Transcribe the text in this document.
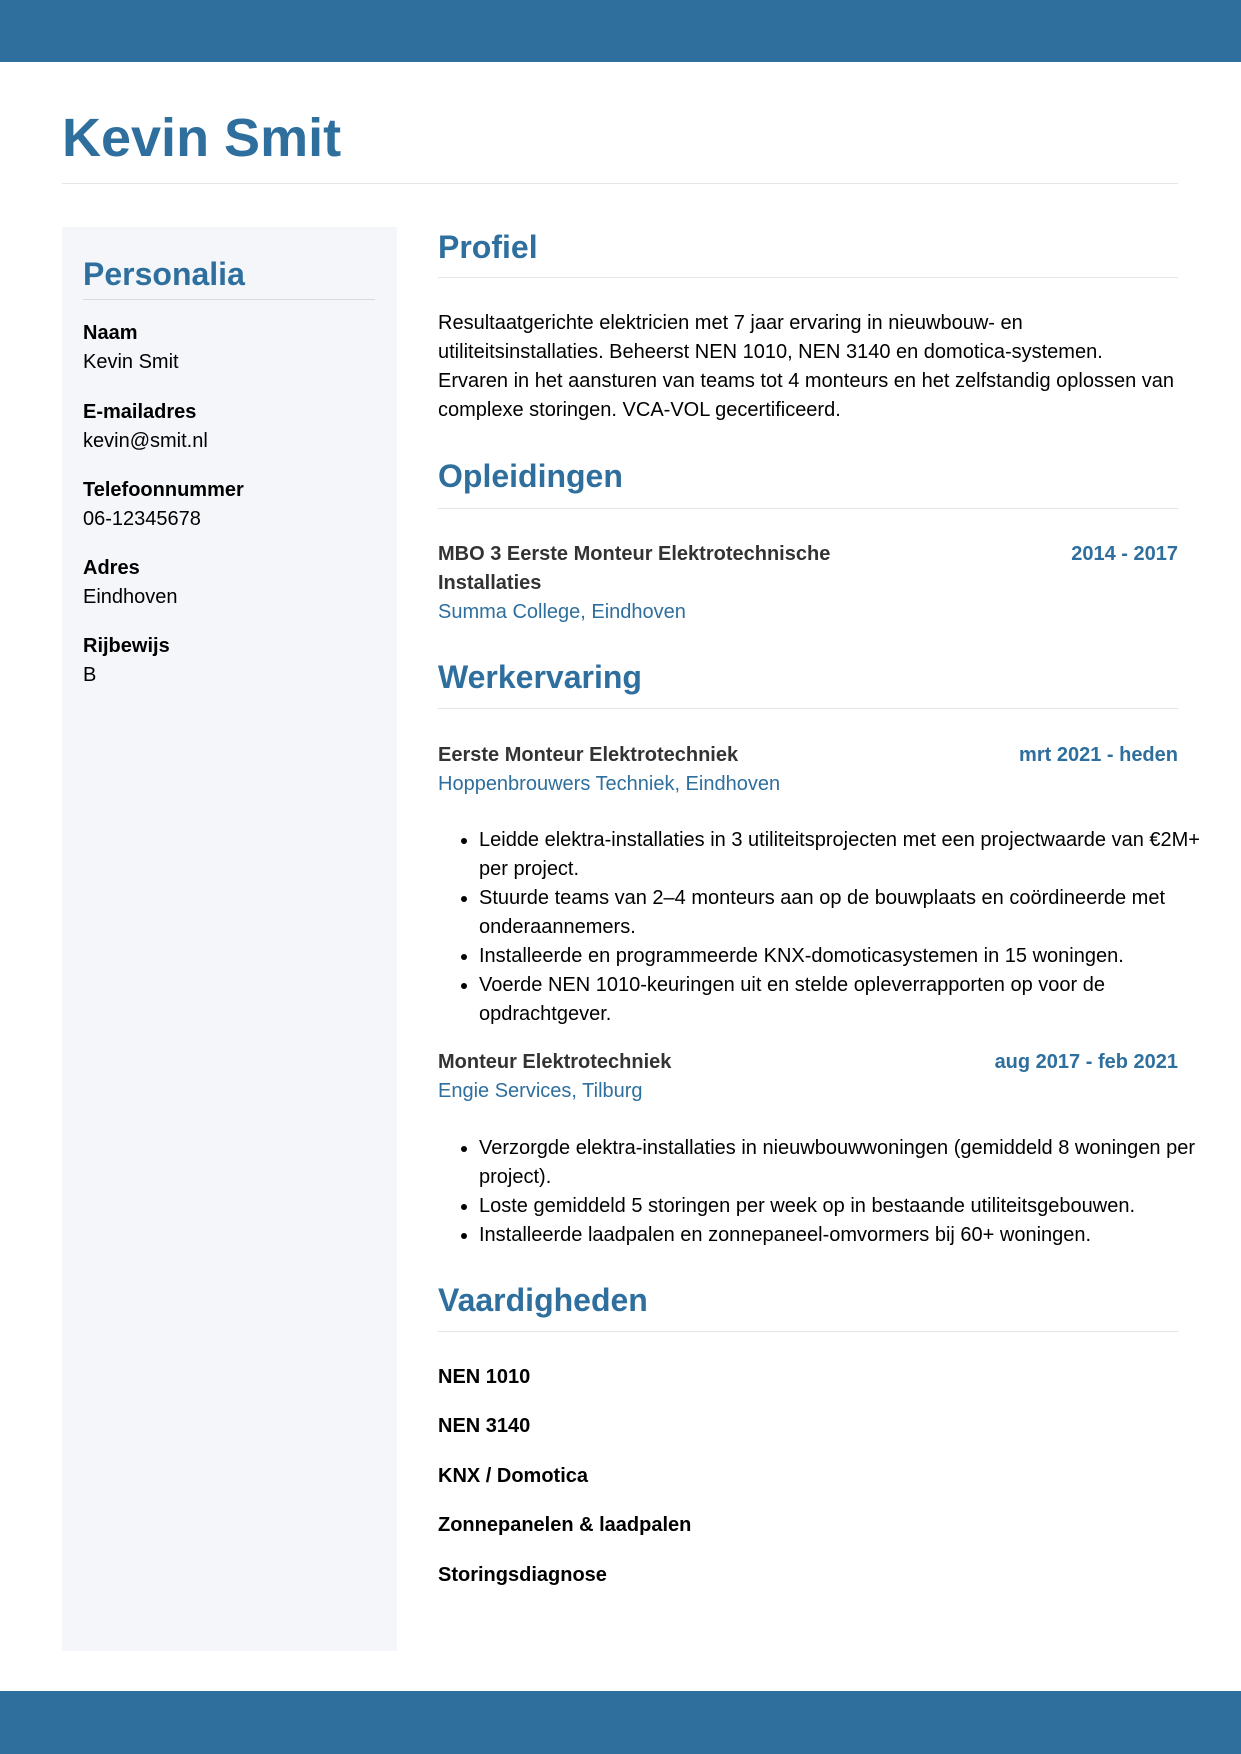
Kevin Smit
Personalia
Naam
Kevin Smit
E-mailadres
kevin@smit.nl
Telefoonnummer
06-12345678
Adres
Eindhoven
Rijbewijs
B
Profiel

Resultaatgerichte elektricien met 7 jaar ervaring in nieuwbouw- en utiliteitsinstallaties. Beheerst NEN 1010, NEN 3140 en domotica-systemen. Ervaren in het aansturen van teams tot 4 monteurs en het zelfstandig oplossen van complexe storingen. VCA-VOL gecertificeerd.

Opleidingen
MBO 3 Eerste Monteur Elektrotechnische Installaties
2014 - 2017
Summa College, Eindhoven
Werkervaring
Eerste Monteur Elektrotechniek	mrt 2021 - heden
Hoppenbrouwers Techniek, Eindhoven
• Leidde elektra-installaties in 3 utiliteitsprojecten met een projectwaarde van €2M+ per project.
• Stuurde teams van 2–4 monteurs aan op de bouwplaats en coördineerde met onderaannemers.
• Installeerde en programmeerde KNX-domoticasystemen in 15 woningen.
• Voerde NEN 1010-keuringen uit en stelde opleverrapporten op voor de opdrachtgever.
Monteur Elektrotechniek	aug 2017 - feb 2021
Engie Services, Tilburg
• Verzorgde elektra-installaties in nieuwbouwwoningen (gemiddeld 8 woningen per project).
• Loste gemiddeld 5 storingen per week op in bestaande utiliteitsgebouwen.
• Installeerde laadpalen en zonnepaneel-omvormers bij 60+ woningen.
Vaardigheden
NEN 1010
NEN 3140
KNX / Domotica
Zonnepanelen & laadpalen
Storingsdiagnose
